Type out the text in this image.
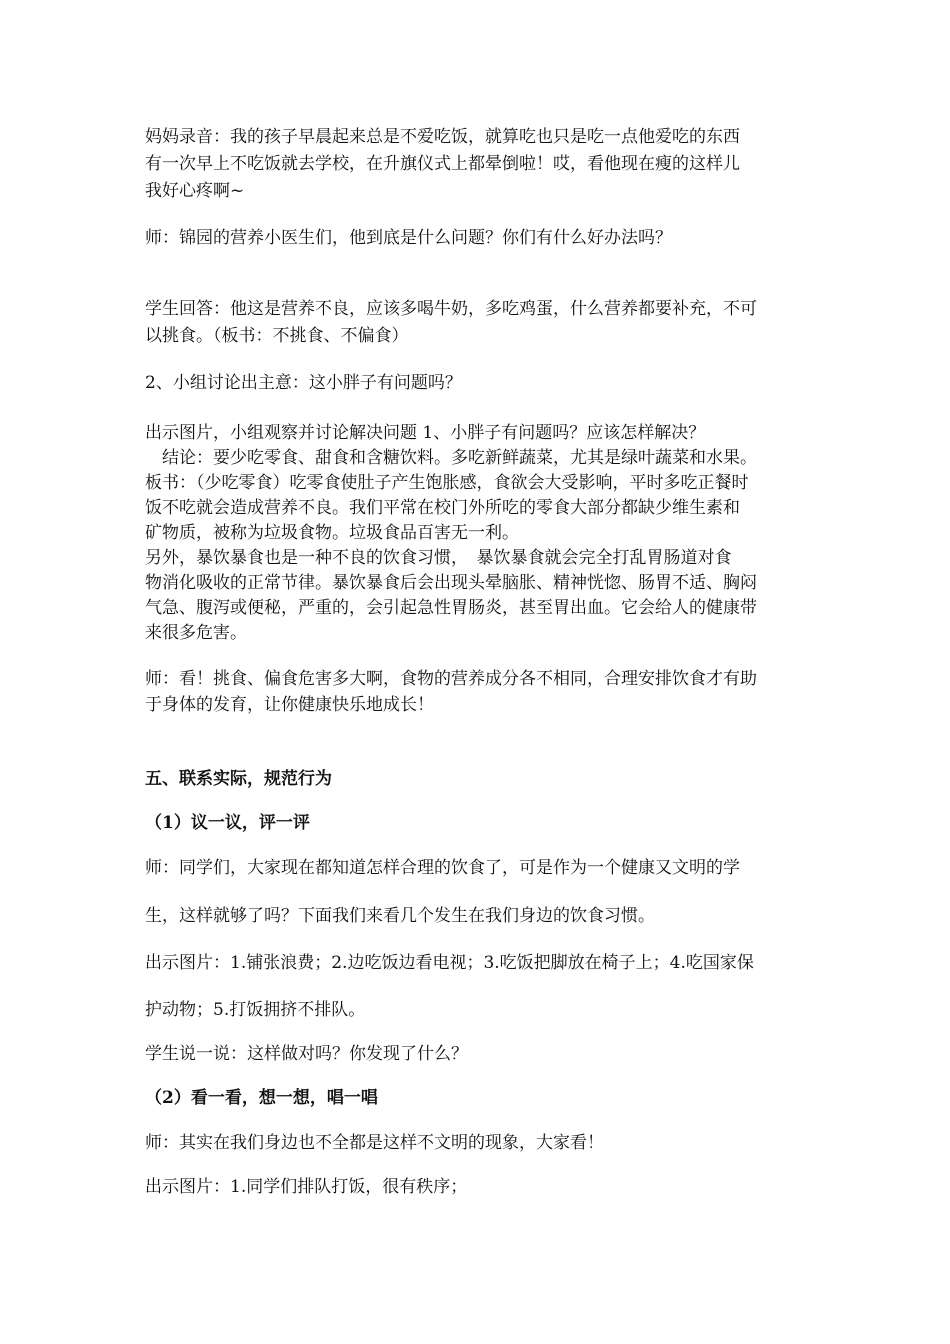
妈妈录音：我的孩子早晨起来总是不爱吃饭，就算吃也只是吃一点他爱吃的东西
有一次早上不吃饭就去学校，在升旗仪式上都晕倒啦！哎，看他现在瘦的这样儿
我好心疼啊~
师：锦园的营养小医生们，他到底是什么问题？你们有什么好办法吗？
学生回答：他这是营养不良，应该多喝牛奶，多吃鸡蛋，什么营养都要补充，不可
以挑食。（板书：不挑食、不偏食）
2、小组讨论出主意：这小胖子有问题吗？
出示图片，小组观察并讨论解决问题 1、小胖子有问题吗？应该怎样解决？
　结论：要少吃零食、甜食和含糖饮料。多吃新鲜蔬菜，尤其是绿叶蔬菜和水果。
板书：（少吃零食）吃零食使肚子产生饱胀感，食欲会大受影响，平时多吃正餐时
饭不吃就会造成营养不良。我们平常在校门外所吃的零食大部分都缺少维生素和
矿物质，被称为垃圾食物。垃圾食品百害无一利。
另外，暴饮暴食也是一种不良的饮食习惯，　暴饮暴食就会完全打乱胃肠道对食
物消化吸收的正常节律。暴饮暴食后会出现头晕脑胀、精神恍惚、肠胃不适、胸闷
气急、腹泻或便秘，严重的，会引起急性胃肠炎，甚至胃出血。它会给人的健康带
来很多危害。
师：看！挑食、偏食危害多大啊，食物的营养成分各不相同，合理安排饮食才有助
于身体的发育，让你健康快乐地成长！
五、联系实际，规范行为
（1）议一议，评一评
师：同学们，大家现在都知道怎样合理的饮食了，可是作为一个健康又文明的学
生，这样就够了吗？下面我们来看几个发生在我们身边的饮食习惯。
出示图片：1.铺张浪费；2.边吃饭边看电视；3.吃饭把脚放在椅子上；4.吃国家保
护动物；5.打饭拥挤不排队。
学生说一说：这样做对吗？你发现了什么？
（2）看一看，想一想，唱一唱
师：其实在我们身边也不全都是这样不文明的现象，大家看！
出示图片：1.同学们排队打饭，很有秩序；
